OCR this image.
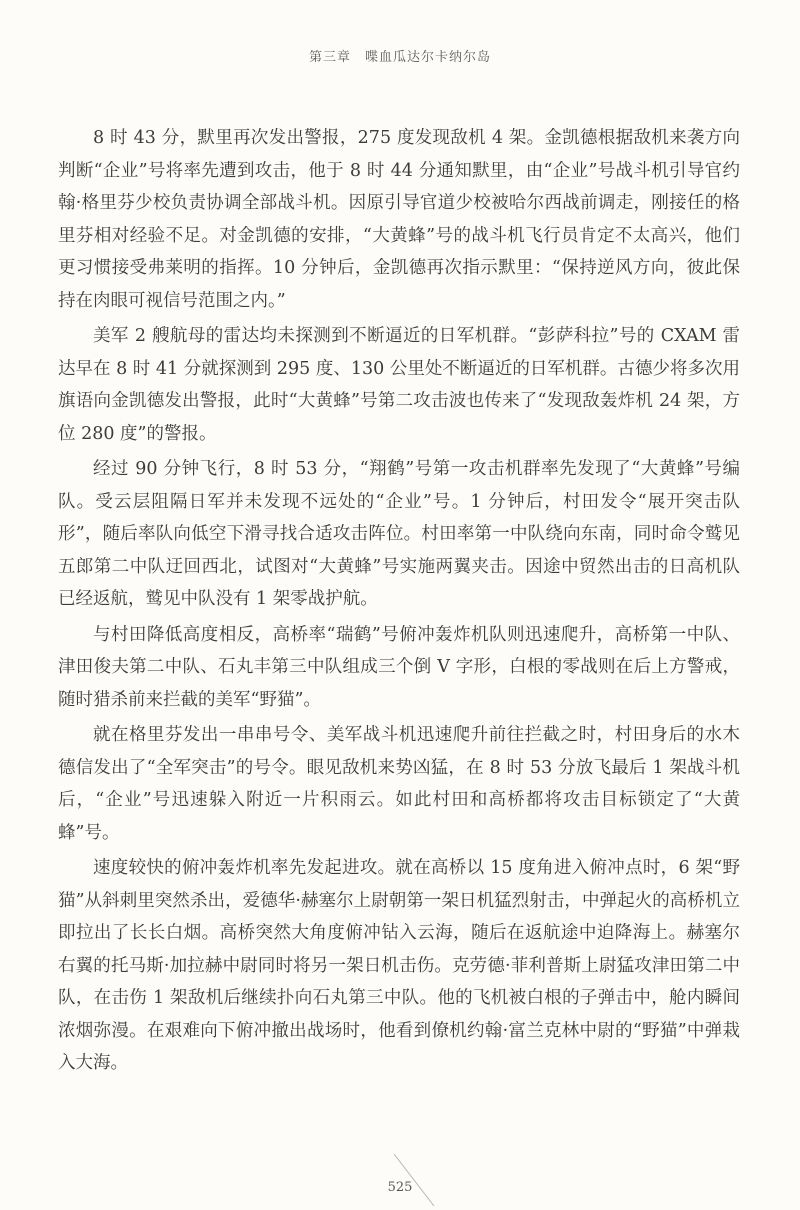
第三章 喋血瓜达尔卡纳尔岛

8 时 43 分，默里再次发出警报，275 度发现敌机 4 架。金凯德根据敌机来袭方向判断“企业”号将率先遭到攻击，他于 8 时 44 分通知默里，由“企业”号战斗机引导官约翰·格里芬少校负责协调全部战斗机。因原引导官道少校被哈尔西战前调走，刚接任的格里芬相对经验不足。对金凯德的安排，“大黄蜂”号的战斗机飞行员肯定不太高兴，他们更习惯接受弗莱明的指挥。10 分钟后，金凯德再次指示默里：“保持逆风方向，彼此保持在肉眼可视信号范围之内。”

美军 2 艘航母的雷达均未探测到不断逼近的日军机群。“彭萨科拉”号的 CXAM 雷达早在 8 时 41 分就探测到 295 度、130 公里处不断逼近的日军机群。古德少将多次用旗语向金凯德发出警报，此时“大黄蜂”号第二攻击波也传来了“发现敌轰炸机 24 架，方位 280 度”的警报。

经过 90 分钟飞行，8 时 53 分，“翔鹤”号第一攻击机群率先发现了“大黄蜂”号编队。受云层阻隔日军并未发现不远处的“企业”号。1 分钟后，村田发令“展开突击队形”，随后率队向低空下滑寻找合适攻击阵位。村田率第一中队绕向东南，同时命令鹫见五郎第二中队迂回西北，试图对“大黄蜂”号实施两翼夹击。因途中贸然出击的日高机队已经返航，鹫见中队没有 1 架零战护航。

与村田降低高度相反，高桥率“瑞鹤”号俯冲轰炸机队则迅速爬升，高桥第一中队、津田俊夫第二中队、石丸丰第三中队组成三个倒 V 字形，白根的零战则在后上方警戒，随时猎杀前来拦截的美军“野猫”。

就在格里芬发出一串串号令、美军战斗机迅速爬升前往拦截之时，村田身后的水木德信发出了“全军突击”的号令。眼见敌机来势凶猛，在 8 时 53 分放飞最后 1 架战斗机后，“企业”号迅速躲入附近一片积雨云。如此村田和高桥都将攻击目标锁定了“大黄蜂”号。

速度较快的俯冲轰炸机率先发起进攻。就在高桥以 15 度角进入俯冲点时，6 架“野猫”从斜刺里突然杀出，爱德华·赫塞尔上尉朝第一架日机猛烈射击，中弹起火的高桥机立即拉出了长长白烟。高桥突然大角度俯冲钻入云海，随后在返航途中迫降海上。赫塞尔右翼的托马斯·加拉赫中尉同时将另一架日机击伤。克劳德·菲利普斯上尉猛攻津田第二中队，在击伤 1 架敌机后继续扑向石丸第三中队。他的飞机被白根的子弹击中，舱内瞬间浓烟弥漫。在艰难向下俯冲撤出战场时，他看到僚机约翰·富兰克林中尉的“野猫”中弹栽入大海。

525
